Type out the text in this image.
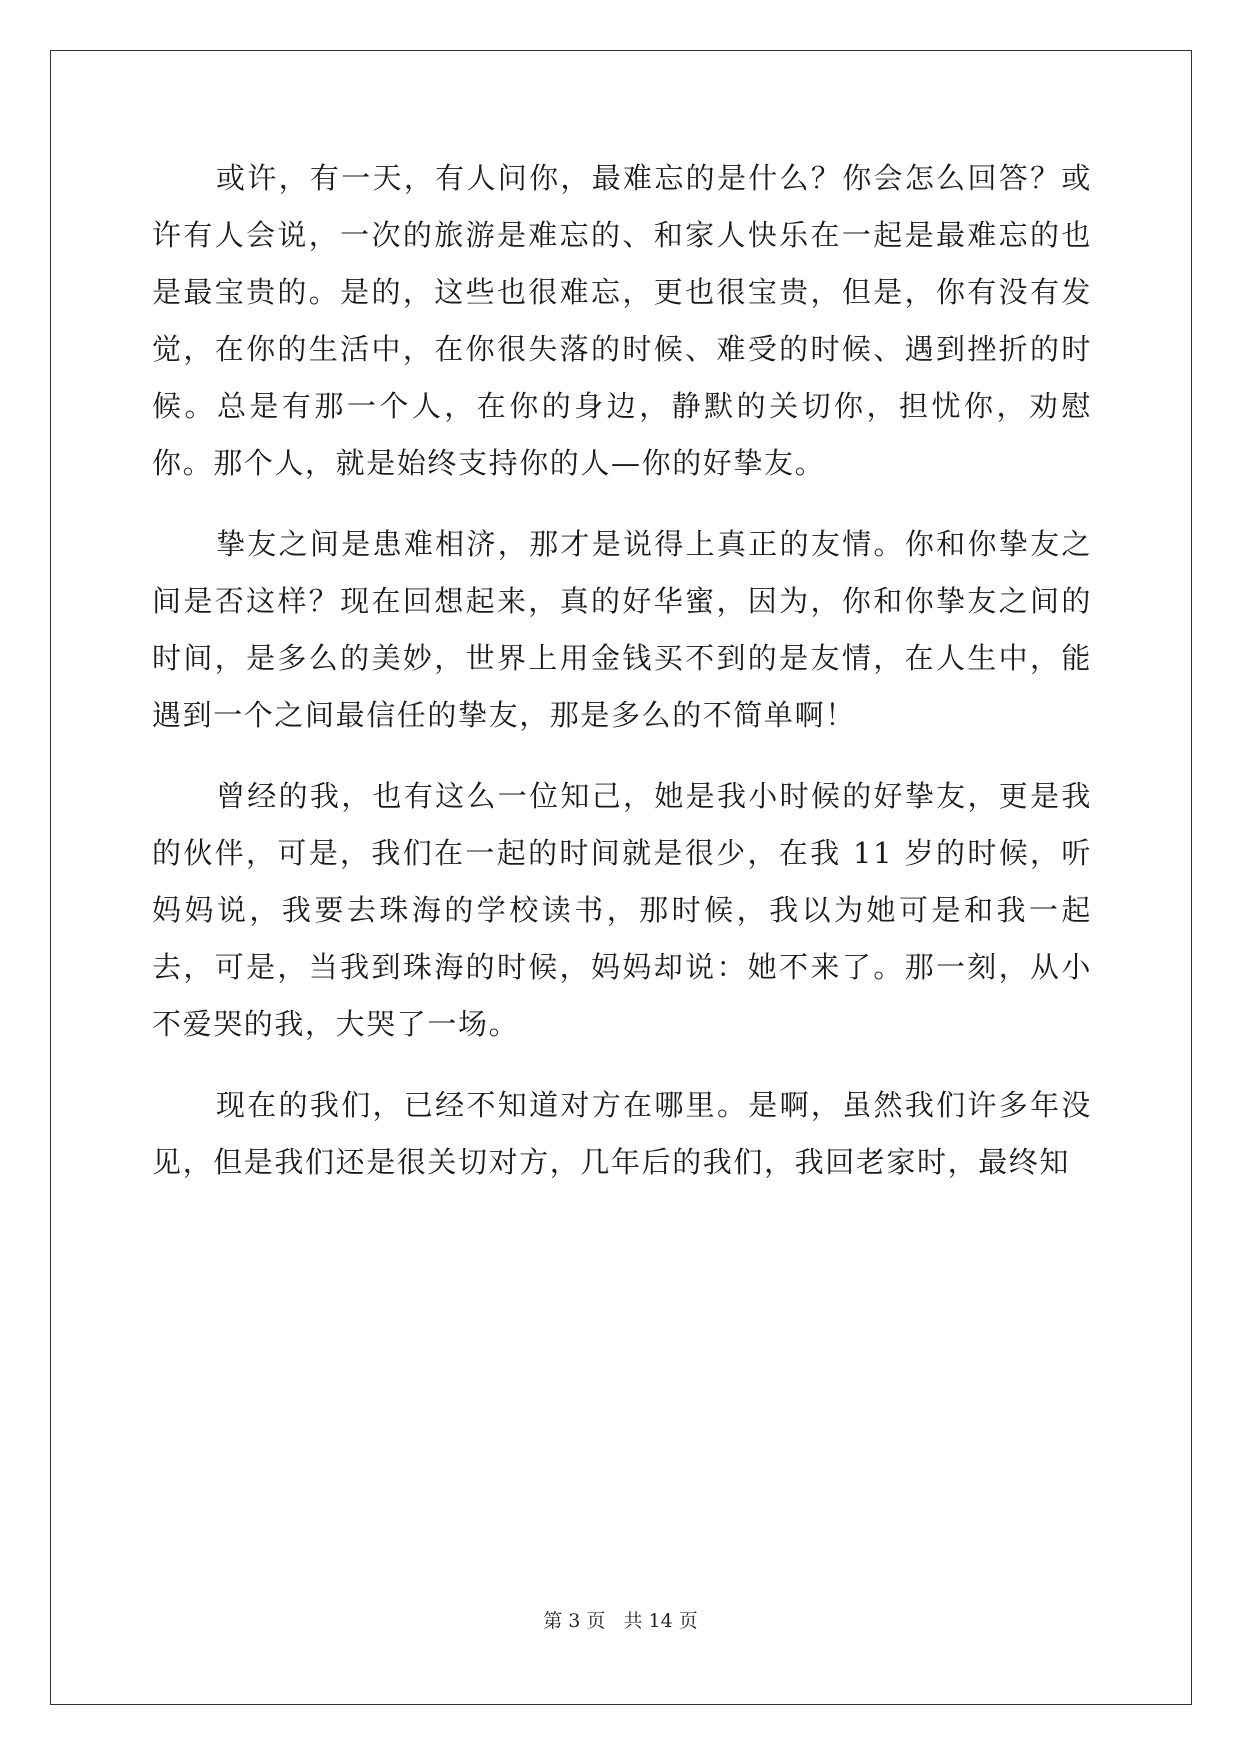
或许，有一天，有人问你，最难忘的是什么？你会怎么回答？或许有人会说，一次的旅游是难忘的、和家人快乐在一起是最难忘的也是最宝贵的。是的，这些也很难忘，更也很宝贵，但是，你有没有发觉，在你的生活中，在你很失落的时候、难受的时候、遇到挫折的时候。总是有那一个人，在你的身边，静默的关切你，担忧你，劝慰你。那个人，就是始终支持你的人—你的好挚友。

挚友之间是患难相济，那才是说得上真正的友情。你和你挚友之间是否这样？现在回想起来，真的好华蜜，因为，你和你挚友之间的时间，是多么的美妙，世界上用金钱买不到的是友情，在人生中，能遇到一个之间最信任的挚友，那是多么的不简单啊！

曾经的我，也有这么一位知己，她是我小时候的好挚友，更是我的伙伴，可是，我们在一起的时间就是很少，在我 11 岁的时候，听妈妈说，我要去珠海的学校读书，那时候，我以为她可是和我一起去，可是，当我到珠海的时候，妈妈却说：她不来了。那一刻，从小不爱哭的我，大哭了一场。

现在的我们，已经不知道对方在哪里。是啊，虽然我们许多年没见，但是我们还是很关切对方，几年后的我们，我回老家时，最终知

第 3 页   共 14 页
